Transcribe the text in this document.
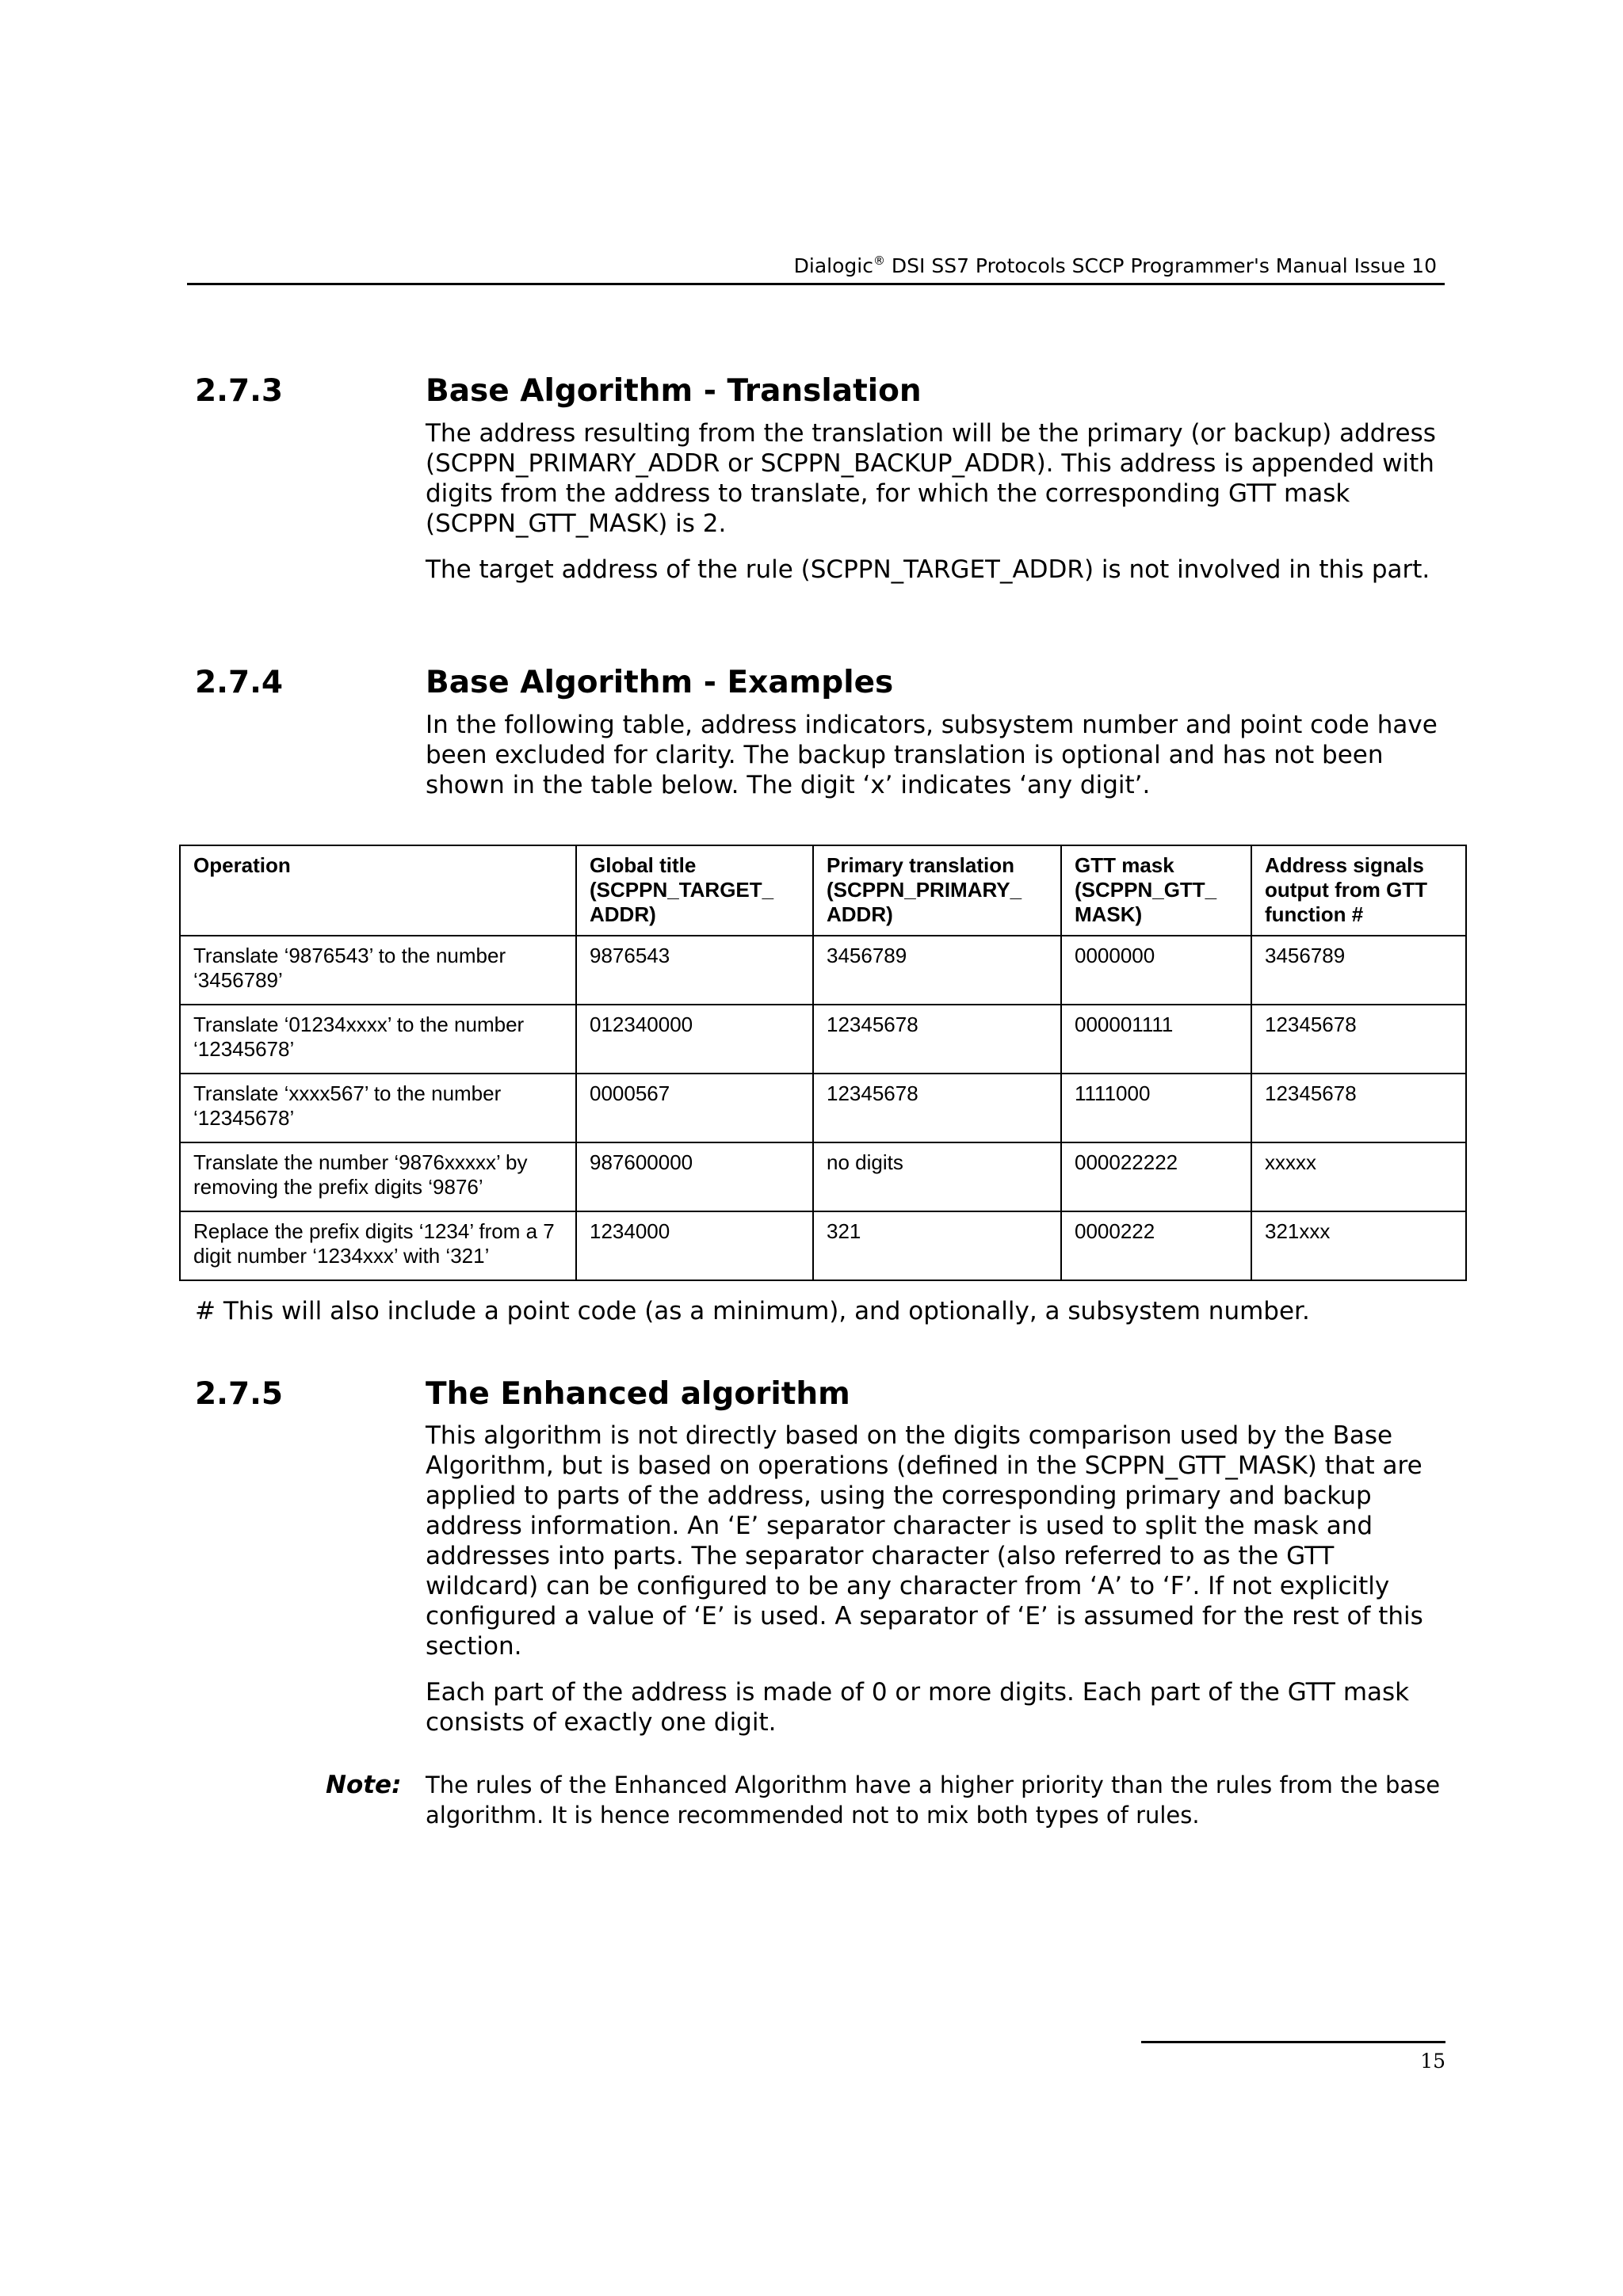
Dialogic® DSI SS7 Protocols SCCP Programmer's Manual Issue 10
2.7.3	Base Algorithm - Translation

The address resulting from the translation will be the primary (or backup) address (SCPPN_PRIMARY_ADDR or SCPPN_BACKUP_ADDR). This address is appended with digits from the address to translate, for which the corresponding GTT mask (SCPPN_GTT_MASK) is 2.

The target address of the rule (SCPPN_TARGET_ADDR) is not involved in this part.

2.7.4	Base Algorithm - Examples

In the following table, address indicators, subsystem number and point code have been excluded for clarity. The backup translation is optional and has not been shown in the table below. The digit ‘x’ indicates ‘any digit’.

Operation	Global title (SCPPN_TARGET_ ADDR)	Primary translation (SCPPN_PRIMARY_ ADDR)	GTT mask (SCPPN_GTT_ MASK)	Address signals output from GTT function #
Translate ‘9876543’ to the number ‘3456789’	9876543	3456789	0000000	3456789
Translate ‘01234xxxx’ to the number ‘12345678’	012340000	12345678	000001111	12345678
Translate ‘xxxx567’ to the number ‘12345678’	0000567	12345678	1111000	12345678
Translate the number ‘9876xxxxx’ by removing the prefix digits ‘9876’	987600000	no digits	000022222	xxxxx
Replace the prefix digits ‘1234’ from a 7 digit number ‘1234xxx’ with ‘321’	1234000	321	0000222	321xxx
# This will also include a point code (as a minimum), and optionally, a subsystem number.
2.7.5	The Enhanced algorithm

This algorithm is not directly based on the digits comparison used by the Base Algorithm, but is based on operations (defined in the SCPPN_GTT_MASK) that are applied to parts of the address, using the corresponding primary and backup address information. An ‘E’ separator character is used to split the mask and addresses into parts. The separator character (also referred to as the GTT wildcard) can be configured to be any character from ‘A’ to ‘F’. If not explicitly configured a value of ‘E’ is used. A separator of ‘E’ is assumed for the rest of this section.

Each part of the address is made of 0 or more digits. Each part of the GTT mask consists of exactly one digit.

Note: The rules of the Enhanced Algorithm have a higher priority than the rules from the base algorithm. It is hence recommended not to mix both types of rules.
15
